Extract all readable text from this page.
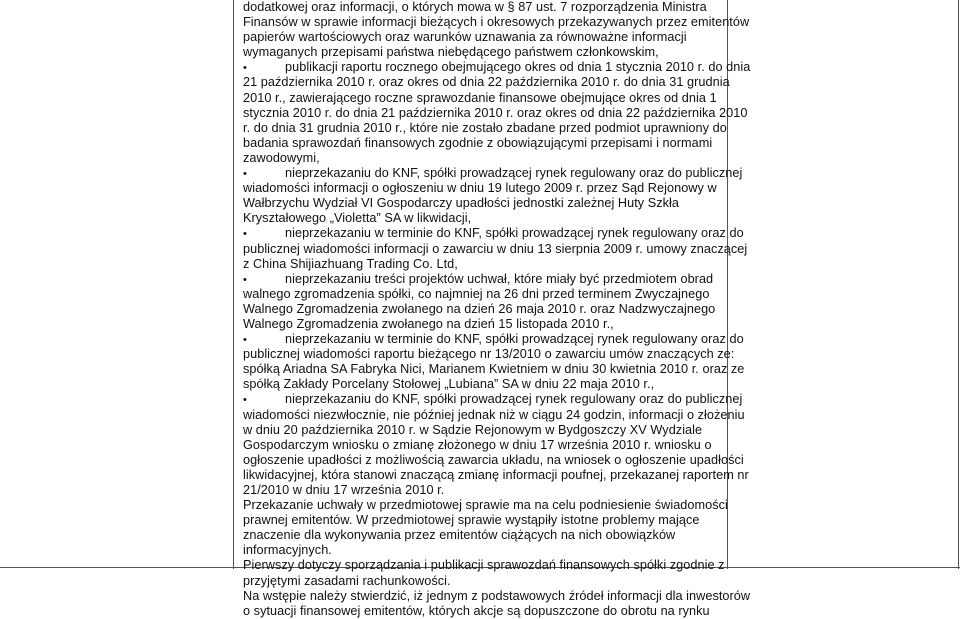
dodatkowej oraz informacji, o których mowa w § 87 ust. 7 rozporządzenia Ministra
Finansów w sprawie informacji bieżących i okresowych przekazywanych przez emitentów
papierów wartościowych oraz warunków uznawania za równoważne informacji
wymaganych przepisami państwa niebędącego państwem członkowskim,
•	publikacji raportu rocznego obejmującego okres od dnia 1 stycznia 2010 r. do dnia
21 października 2010 r. oraz okres od dnia 22 października 2010 r. do dnia 31 grudnia
2010 r., zawierającego roczne sprawozdanie finansowe obejmujące okres od dnia 1
stycznia 2010 r. do dnia 21 października 2010 r. oraz okres od dnia 22 października 2010
r. do dnia 31 grudnia 2010 r., które nie zostało zbadane przed podmiot uprawniony do
badania sprawozdań finansowych zgodnie z obowiązującymi przepisami i normami
zawodowymi,
•	nieprzekazaniu do KNF, spółki prowadzącej rynek regulowany oraz do publicznej
wiadomości informacji o ogłoszeniu w dniu 19 lutego 2009 r. przez Sąd Rejonowy w
Wałbrzychu Wydział VI Gospodarczy upadłości jednostki zależnej Huty Szkła
Kryształowego „Violetta” SA w likwidacji,
•	nieprzekazaniu w terminie do KNF, spółki prowadzącej rynek regulowany oraz do
publicznej wiadomości informacji o zawarciu w dniu 13 sierpnia 2009 r. umowy znaczącej
z China Shijiazhuang Trading Co. Ltd,
•	nieprzekazaniu treści projektów uchwał, które miały być przedmiotem obrad
walnego zgromadzenia spółki, co najmniej na 26 dni przed terminem Zwyczajnego
Walnego Zgromadzenia zwołanego na dzień 26 maja 2010 r. oraz Nadzwyczajnego
Walnego Zgromadzenia zwołanego na dzień 15 listopada 2010 r.,
•	nieprzekazaniu w terminie do KNF, spółki prowadzącej rynek regulowany oraz do
publicznej wiadomości raportu bieżącego nr 13/2010 o zawarciu umów znaczących ze:
spółką Ariadna SA Fabryka Nici, Marianem Kwietniem w dniu 30 kwietnia 2010 r. oraz ze
spółką Zakłady Porcelany Stołowej „Lubiana” SA w dniu 22 maja 2010 r.,
•	nieprzekazaniu do KNF, spółki prowadzącej rynek regulowany oraz do publicznej
wiadomości niezwłocznie, nie później jednak niż w ciągu 24 godzin, informacji o złożeniu
w dniu 20 października 2010 r. w Sądzie Rejonowym w Bydgoszczy XV Wydziale
Gospodarczym wniosku o zmianę złożonego w dniu 17 września 2010 r. wniosku o
ogłoszenie upadłości z możliwością zawarcia układu, na wniosek o ogłoszenie upadłości
likwidacyjnej, która stanowi znaczącą zmianę informacji poufnej, przekazanej raportem nr
21/2010 w dniu 17 września 2010 r.
Przekazanie uchwały w przedmiotowej sprawie ma na celu podniesienie świadomości
prawnej emitentów. W przedmiotowej sprawie wystąpiły istotne problemy mające
znaczenie dla wykonywania przez emitentów ciążących na nich obowiązków
informacyjnych.
Pierwszy dotyczy sporządzania i publikacji sprawozdań finansowych spółki zgodnie z
przyjętymi zasadami rachunkowości.
Na wstępie należy stwierdzić, iż jednym z podstawowych źródeł informacji dla inwestorów
o sytuacji finansowej emitentów, których akcje są dopuszczone do obrotu na rynku
